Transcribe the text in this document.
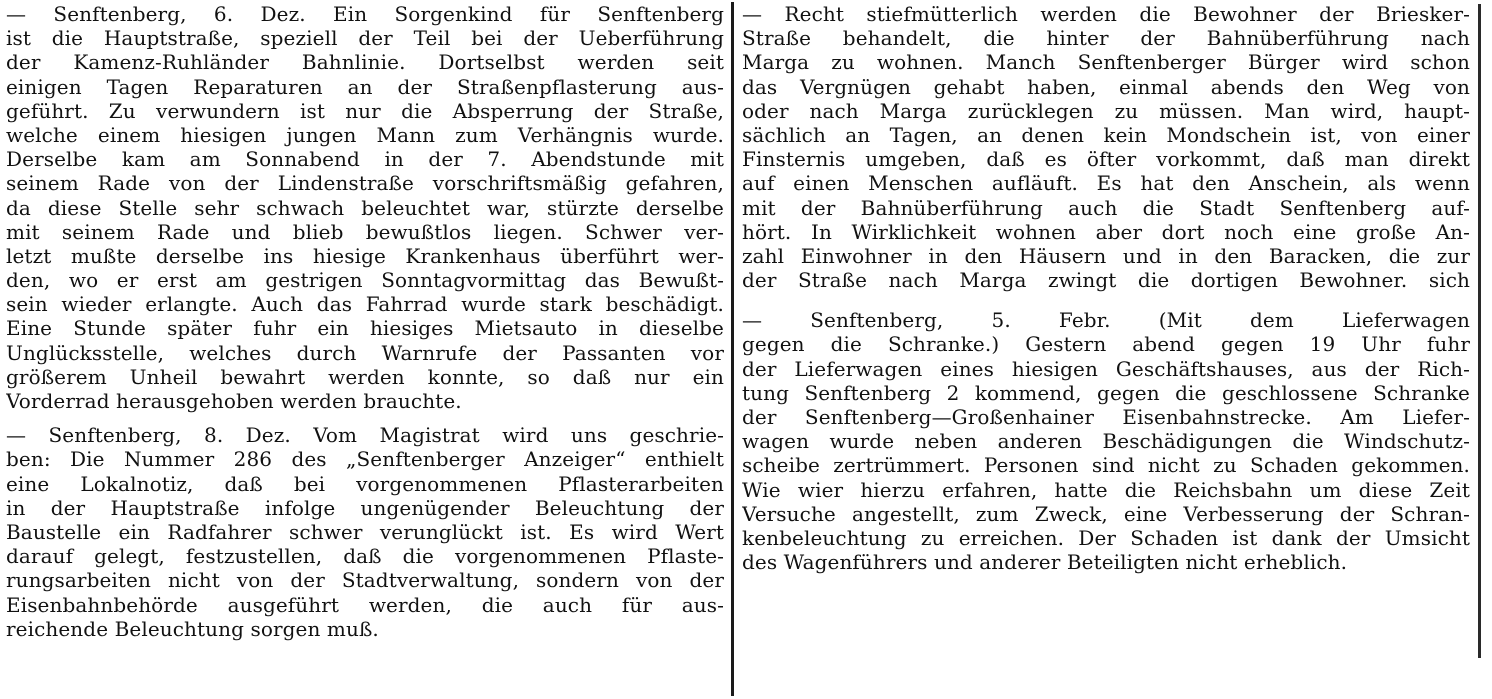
— Senftenberg, 6. Dez. Ein Sorgenkind für Senftenberg
ist die Hauptstraße, speziell der Teil bei der Ueberführung
der Kamenz-Ruhländer Bahnlinie. Dortselbst werden seit
einigen Tagen Reparaturen an der Straßenpflasterung aus-
geführt. Zu verwundern ist nur die Absperrung der Straße,
welche einem hiesigen jungen Mann zum Verhängnis wurde.
Derselbe kam am Sonnabend in der 7. Abendstunde mit
seinem Rade von der Lindenstraße vorschriftsmäßig gefahren,
da diese Stelle sehr schwach beleuchtet war, stürzte derselbe
mit seinem Rade und blieb bewußtlos liegen. Schwer ver-
letzt mußte derselbe ins hiesige Krankenhaus überführt wer-
den, wo er erst am gestrigen Sonntagvormittag das Bewußt-
sein wieder erlangte. Auch das Fahrrad wurde stark beschädigt.
Eine Stunde später fuhr ein hiesiges Mietsauto in dieselbe
Unglücksstelle, welches durch Warnrufe der Passanten vor
größerem Unheil bewahrt werden konnte, so daß nur ein
Vorderrad herausgehoben werden brauchte.
— Senftenberg, 8. Dez. Vom Magistrat wird uns geschrie-
ben: Die Nummer 286 des „Senftenberger Anzeiger“ enthielt
eine Lokalnotiz, daß bei vorgenommenen Pflasterarbeiten
in der Hauptstraße infolge ungenügender Beleuchtung der
Baustelle ein Radfahrer schwer verunglückt ist. Es wird Wert
darauf gelegt, festzustellen, daß die vorgenommenen Pflaste-
rungsarbeiten nicht von der Stadtverwaltung, sondern von der
Eisenbahnbehörde ausgeführt werden, die auch für aus-
reichende Beleuchtung sorgen muß.
— Recht stiefmütterlich werden die Bewohner der Briesker-
Straße behandelt, die hinter der Bahnüberführung nach
Marga zu wohnen. Manch Senftenberger Bürger wird schon
das Vergnügen gehabt haben, einmal abends den Weg von
oder nach Marga zurücklegen zu müssen. Man wird, haupt-
sächlich an Tagen, an denen kein Mondschein ist, von einer
Finsternis umgeben, daß es öfter vorkommt, daß man direkt
auf einen Menschen aufläuft. Es hat den Anschein, als wenn
mit der Bahnüberführung auch die Stadt Senftenberg auf-
hört. In Wirklichkeit wohnen aber dort noch eine große An-
zahl Einwohner in den Häusern und in den Baracken, die zur
der Straße nach Marga zwingt die dortigen Bewohner. sich
— Senftenberg, 5. Febr. (Mit dem Lieferwagen
gegen die Schranke.) Gestern abend gegen 19 Uhr fuhr
der Lieferwagen eines hiesigen Geschäftshauses, aus der Rich-
tung Senftenberg 2 kommend, gegen die geschlossene Schranke
der Senftenberg—Großenhainer Eisenbahnstrecke. Am Liefer-
wagen wurde neben anderen Beschädigungen die Windschutz-
scheibe zertrümmert. Personen sind nicht zu Schaden gekommen.
Wie wier hierzu erfahren, hatte die Reichsbahn um diese Zeit
Versuche angestellt, zum Zweck, eine Verbesserung der Schran-
kenbeleuchtung zu erreichen. Der Schaden ist dank der Umsicht
des Wagenführers und anderer Beteiligten nicht erheblich.
